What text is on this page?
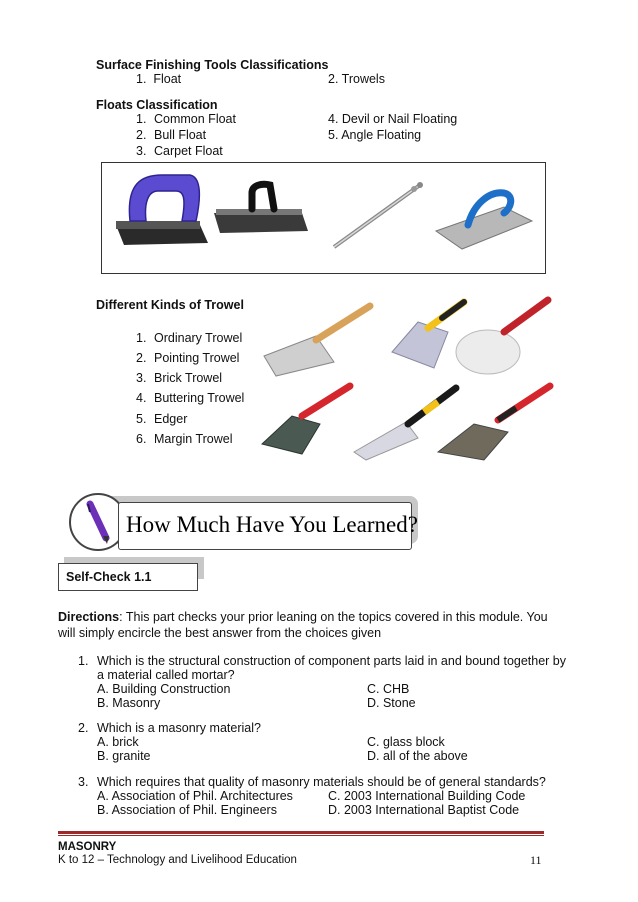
Surface Finishing Tools Classifications
1.  Float	2. Trowels
Floats Classification
1. Common Float
2. Bull Float
3. Carpet Float
4. Devil or Nail Floating
5. Angle Floating
Different Kinds of Trowel
1. Ordinary Trowel
2. Pointing Trowel
3. Brick Trowel
4. Buttering Trowel
5. Edger
6. Margin Trowel
How Much Have You Learned?
Self-Check 1.1
Directions: This part checks your prior leaning on the topics covered in this module. You
will simply encircle the best answer from the choices given
1. Which is the structural construction of component parts laid in and bound together by
a material called mortar?
A. Building Construction	C. CHB
B. Masonry	D. Stone
2. Which is a masonry material?
A. brick	C. glass block
B. granite	D. all of the above
3. Which requires that quality of masonry materials should be of general standards?
A. Association of Phil. Architectures	C. 2003 International Building Code
B. Association of Phil. Engineers	D. 2003 International Baptist Code
MASONRY
K to 12 – Technology and Livelihood Education	11
